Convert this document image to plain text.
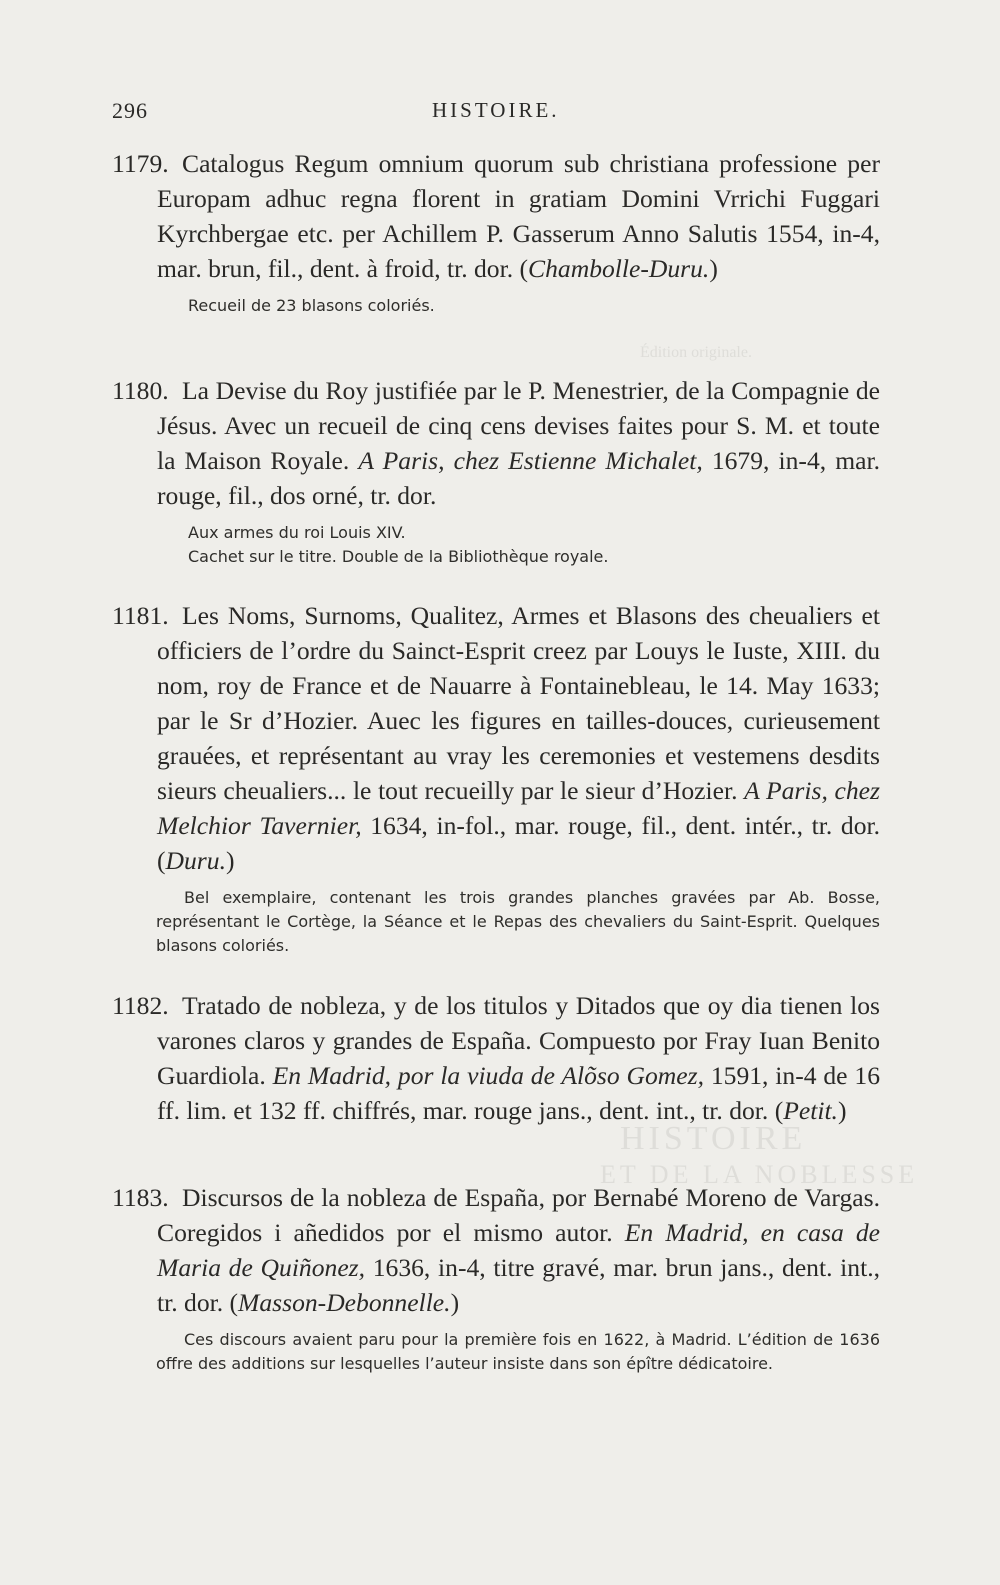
Édition originale.
HISTOIRE
ET DE LA NOBLESSE
296	HISTOIRE.

1179. Catalogus Regum omnium quorum sub christiana professione per Europam adhuc regna florent in gratiam Domini Vrrichi Fuggari Kyrchbergae etc. per Achillem P. Gasserum Anno Salutis 1554, in-4, mar. brun, fil., dent. à froid, tr. dor. (Chambolle-Duru.)

Recueil de 23 blasons coloriés.

1180. La Devise du Roy justifiée par le P. Menestrier, de la Compagnie de Jésus. Avec un recueil de cinq cens devises faites pour S. M. et toute la Maison Royale. A Paris, chez Estienne Michalet, 1679, in-4, mar. rouge, fil., dos orné, tr. dor.

Aux armes du roi Louis XIV.
Cachet sur le titre. Double de la Bibliothèque royale.

1181. Les Noms, Surnoms, Qualitez, Armes et Blasons des cheualiers et officiers de l’ordre du Sainct-Esprit creez par Louys le Iuste, XIII. du nom, roy de France et de Nauarre à Fontainebleau, le 14. May 1633; par le Sr d’Hozier. Auec les figures en tailles-douces, curieusement grauées, et représentant au vray les ceremonies et vestemens desdits sieurs cheualiers... le tout recueilly par le sieur d’Hozier. A Paris, chez Melchior Tavernier, 1634, in-fol., mar. rouge, fil., dent. intér., tr. dor. (Duru.)

Bel exemplaire, contenant les trois grandes planches gravées par Ab. Bosse, représentant le Cortège, la Séance et le Repas des chevaliers du Saint-Esprit. Quelques blasons coloriés.

1182. Tratado de nobleza, y de los titulos y Ditados que oy dia tienen los varones claros y grandes de España. Compuesto por Fray Iuan Benito Guardiola. En Madrid, por la viuda de Alõso Gomez, 1591, in-4 de 16 ff. lim. et 132 ff. chiffrés, mar. rouge jans., dent. int., tr. dor. (Petit.)

1183. Discursos de la nobleza de España, por Bernabé Moreno de Vargas. Coregidos i añedidos por el mismo autor. En Madrid, en casa de Maria de Quiñonez, 1636, in-4, titre gravé, mar. brun jans., dent. int., tr. dor. (Masson-Debonnelle.)

Ces discours avaient paru pour la première fois en 1622, à Madrid. L’édition de 1636 offre des additions sur lesquelles l’auteur insiste dans son épître dédicatoire.
